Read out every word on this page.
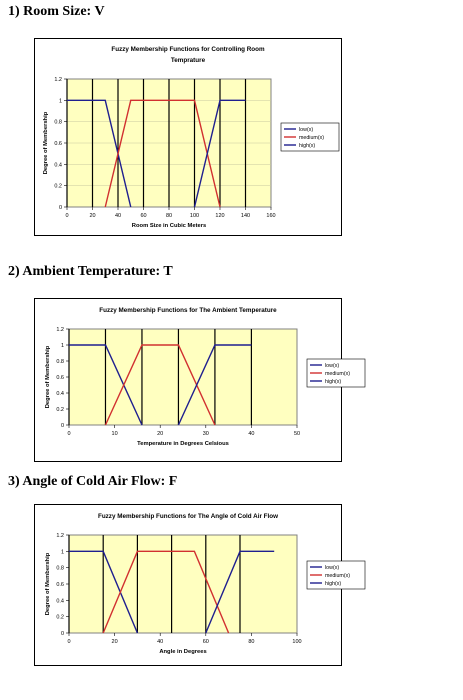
1) Room Size: V
Fuzzy Membership Functions for Controlling Room
Temprature
0
0.2
0.4
0.6
0.8
1
1.2
0	20	40	60	80	100	120	140	160
Room Size in Cubic Meters
Degree of Membership	low(x)
medium(x)
high(x)
2) Ambient Temperature: T
Fuzzy Membership Functions for The Ambient Temperature
0
0.2
0.4
0.6
0.8
1
1.2
0	10	20	30	40	50
Temperature in Degrees Celsious
Degree of Membership	low(x)
medium(x)
high(x)
3) Angle of Cold Air Flow: F
Fuzzy Membership Functions for The Angle of Cold Air Flow
0
0.2
0.4
0.6
0.8
1
1.2
0	20	40	60	80	100
Angle in Degrees
Degree of Membership	low(x)
medium(x)
high(x)
